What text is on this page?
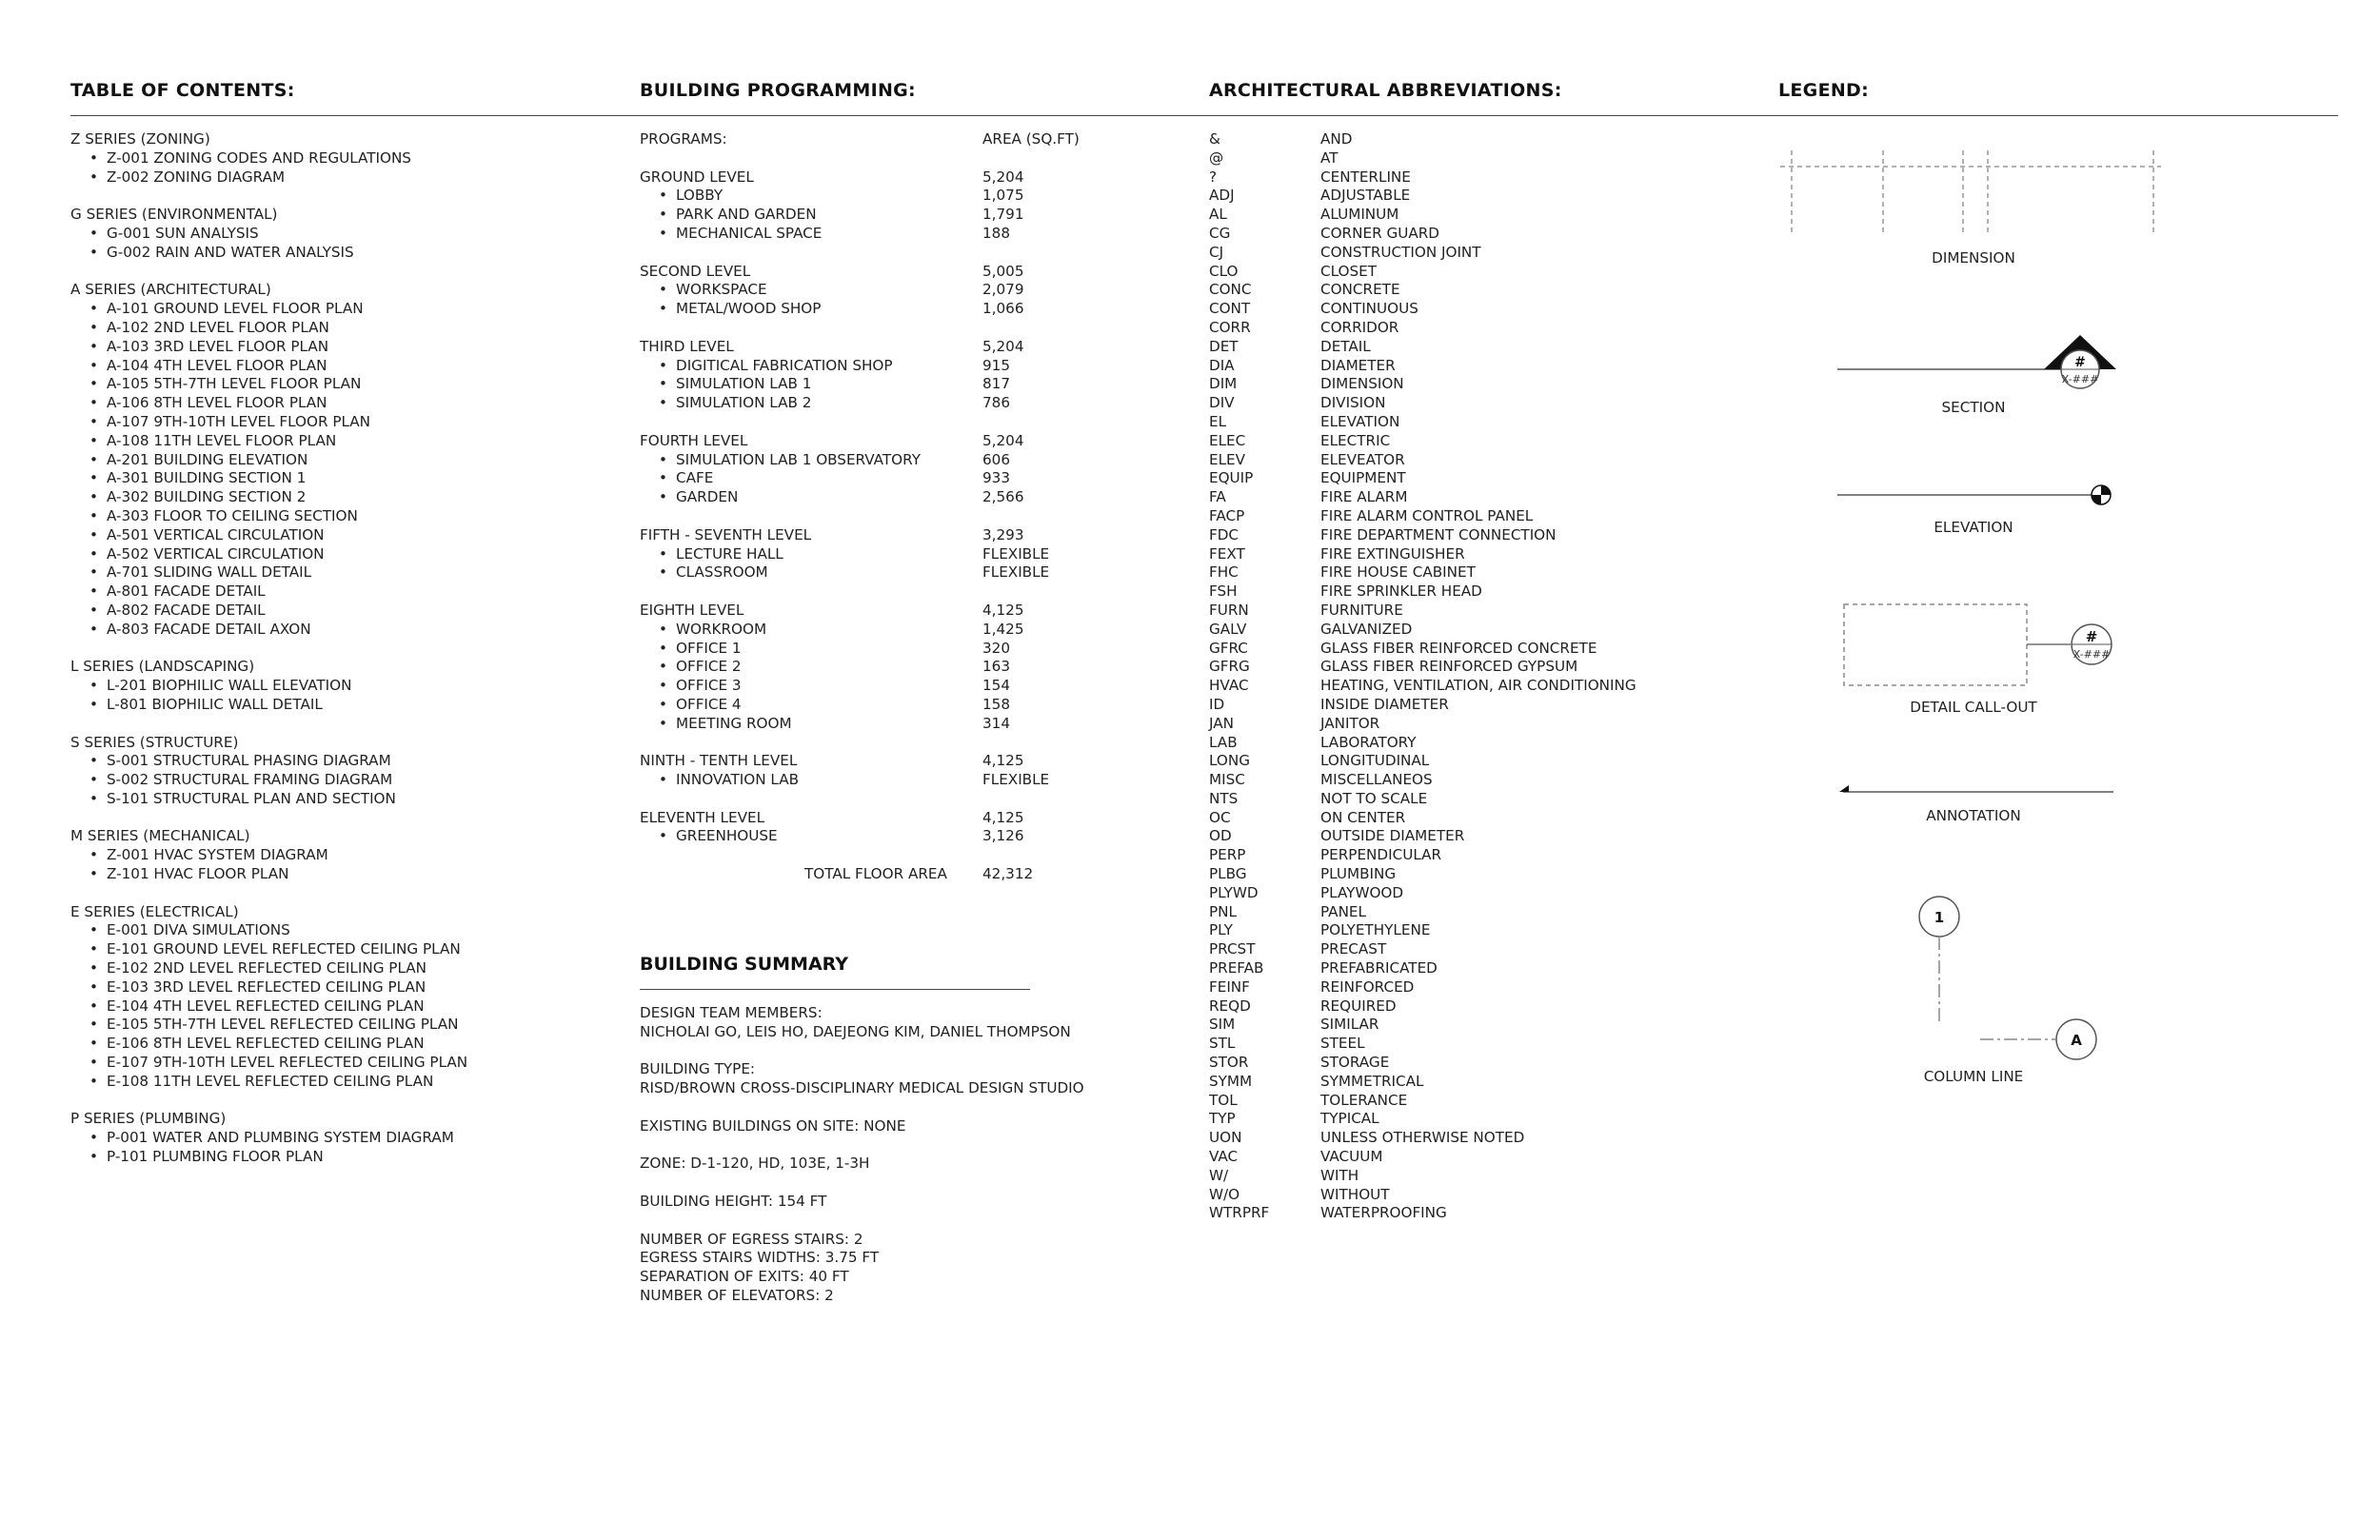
TABLE OF CONTENTS:
Z SERIES (ZONING)
• Z-001 ZONING CODES AND REGULATIONS
• Z-002 ZONING DIAGRAM
G SERIES (ENVIRONMENTAL)
• G-001 SUN ANALYSIS
• G-002 RAIN AND WATER ANALYSIS
A SERIES (ARCHITECTURAL)
• A-101 GROUND LEVEL FLOOR PLAN
• A-102 2ND LEVEL FLOOR PLAN
• A-103 3RD LEVEL FLOOR PLAN
• A-104 4TH LEVEL FLOOR PLAN
• A-105 5TH-7TH LEVEL FLOOR PLAN
• A-106 8TH LEVEL FLOOR PLAN
• A-107 9TH-10TH LEVEL FLOOR PLAN
• A-108 11TH LEVEL FLOOR PLAN
• A-201 BUILDING ELEVATION
• A-301 BUILDING SECTION 1
• A-302 BUILDING SECTION 2
• A-303 FLOOR TO CEILING SECTION
• A-501 VERTICAL CIRCULATION
• A-502 VERTICAL CIRCULATION
• A-701 SLIDING WALL DETAIL
• A-801 FACADE DETAIL
• A-802 FACADE DETAIL
• A-803 FACADE DETAIL AXON
L SERIES (LANDSCAPING)
• L-201 BIOPHILIC WALL ELEVATION
• L-801 BIOPHILIC WALL DETAIL
S SERIES (STRUCTURE)
• S-001 STRUCTURAL PHASING DIAGRAM
• S-002 STRUCTURAL FRAMING DIAGRAM
• S-101 STRUCTURAL PLAN AND SECTION
M SERIES (MECHANICAL)
• Z-001 HVAC SYSTEM DIAGRAM
• Z-101 HVAC FLOOR PLAN
E SERIES (ELECTRICAL)
• E-001 DIVA SIMULATIONS
• E-101 GROUND LEVEL REFLECTED CEILING PLAN
• E-102 2ND LEVEL REFLECTED CEILING PLAN
• E-103 3RD LEVEL REFLECTED CEILING PLAN
• E-104 4TH LEVEL REFLECTED CEILING PLAN
• E-105 5TH-7TH LEVEL REFLECTED CEILING PLAN
• E-106 8TH LEVEL REFLECTED CEILING PLAN
• E-107 9TH-10TH LEVEL REFLECTED CEILING PLAN
• E-108 11TH LEVEL REFLECTED CEILING PLAN
P SERIES (PLUMBING)
• P-001 WATER AND PLUMBING SYSTEM DIAGRAM
• P-101 PLUMBING FLOOR PLAN
BUILDING PROGRAMMING:
PROGRAMS:	AREA (SQ.FT)
GROUND LEVEL	5,204
• LOBBY	1,075
• PARK AND GARDEN	1,791
• MECHANICAL SPACE	188
SECOND LEVEL	5,005
• WORKSPACE	2,079
• METAL/WOOD SHOP	1,066
THIRD LEVEL	5,204
• DIGITICAL FABRICATION SHOP	915
• SIMULATION LAB 1	817
• SIMULATION LAB 2	786
FOURTH LEVEL	5,204
• SIMULATION LAB 1 OBSERVATORY	606
• CAFE	933
• GARDEN	2,566
FIFTH - SEVENTH LEVEL	3,293
• LECTURE HALL	FLEXIBLE
• CLASSROOM	FLEXIBLE
EIGHTH LEVEL	4,125
• WORKROOM	1,425
• OFFICE 1	320
• OFFICE 2	163
• OFFICE 3	154
• OFFICE 4	158
• MEETING ROOM	314
NINTH - TENTH LEVEL	4,125
• INNOVATION LAB	FLEXIBLE
ELEVENTH LEVEL	4,125
• GREENHOUSE	3,126
TOTAL FLOOR AREA 42,312
BUILDING SUMMARY
DESIGN TEAM MEMBERS:
NICHOLAI GO, LEIS HO, DAEJEONG KIM, DANIEL THOMPSON
BUILDING TYPE:
RISD/BROWN CROSS-DISCIPLINARY MEDICAL DESIGN STUDIO
EXISTING BUILDINGS ON SITE: NONE
ZONE: D-1-120, HD, 103E, 1-3H
BUILDING HEIGHT: 154 FT
NUMBER OF EGRESS STAIRS: 2
EGRESS STAIRS WIDTHS: 3.75 FT
SEPARATION OF EXITS: 40 FT
NUMBER OF ELEVATORS: 2
ARCHITECTURAL ABBREVIATIONS:
&	AND
@	AT
?	CENTERLINE
ADJ	ADJUSTABLE
AL	ALUMINUM
CG	CORNER GUARD
CJ	CONSTRUCTION JOINT
CLO	CLOSET
CONC	CONCRETE
CONT	CONTINUOUS
CORR	CORRIDOR
DET	DETAIL
DIA	DIAMETER
DIM	DIMENSION
DIV	DIVISION
EL	ELEVATION
ELEC	ELECTRIC
ELEV	ELEVEATOR
EQUIP	EQUIPMENT
FA	FIRE ALARM
FACP	FIRE ALARM CONTROL PANEL
FDC	FIRE DEPARTMENT CONNECTION
FEXT	FIRE EXTINGUISHER
FHC	FIRE HOUSE CABINET
FSH	FIRE SPRINKLER HEAD
FURN	FURNITURE
GALV	GALVANIZED
GFRC	GLASS FIBER REINFORCED CONCRETE
GFRG	GLASS FIBER REINFORCED GYPSUM
HVAC	HEATING, VENTILATION, AIR CONDITIONING
ID	INSIDE DIAMETER
JAN	JANITOR
LAB	LABORATORY
LONG	LONGITUDINAL
MISC	MISCELLANEOS
NTS	NOT TO SCALE
OC	ON CENTER
OD	OUTSIDE DIAMETER
PERP	PERPENDICULAR
PLBG	PLUMBING
PLYWD	PLAYWOOD
PNL	PANEL
PLY	POLYETHYLENE
PRCST	PRECAST
PREFAB	PREFABRICATED
FEINF	REINFORCED
REQD	REQUIRED
SIM	SIMILAR
STL	STEEL
STOR	STORAGE
SYMM	SYMMETRICAL
TOL	TOLERANCE
TYP	TYPICAL
UON	UNLESS OTHERWISE NOTED
VAC	VACUUM
W/	WITH
W/O	WITHOUT
WTRPRF	WATERPROOFING
LEGEND:
DIMENSION
#
X-###
SECTION
ELEVATION
#
X-###
DETAIL CALL-OUT
ANNOTATION
1
A
COLUMN LINE
